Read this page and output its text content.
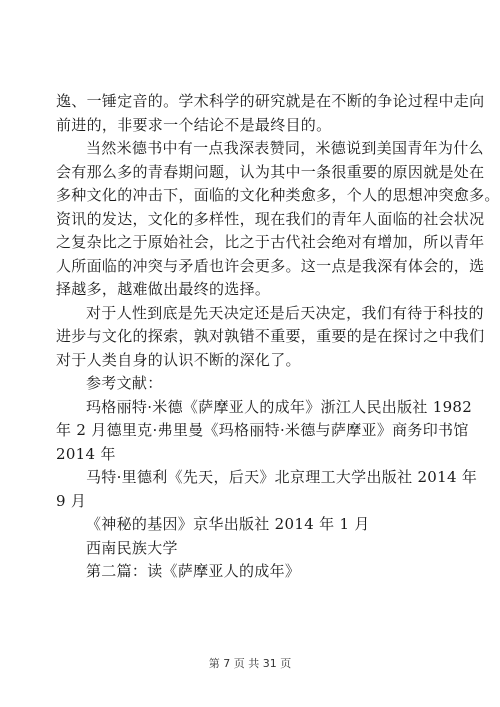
逸、一锤定音的。学术科学的研究就是在不断的争论过程中走向
前进的，非要求一个结论不是最终目的。
当然米德书中有一点我深表赞同，米德说到美国青年为什么
会有那么多的青春期问题，认为其中一条很重要的原因就是处在
多种文化的冲击下，面临的文化种类愈多，个人的思想冲突愈多。
资讯的发达，文化的多样性，现在我们的青年人面临的社会状况
之复杂比之于原始社会，比之于古代社会绝对有增加，所以青年
人所面临的冲突与矛盾也许会更多。这一点是我深有体会的，选
择越多，越难做出最终的选择。
对于人性到底是先天决定还是后天决定，我们有待于科技的
进步与文化的探索，孰对孰错不重要，重要的是在探讨之中我们
对于人类自身的认识不断的深化了。
参考文献：
玛格丽特·米德《萨摩亚人的成年》浙江人民出版社 1982
年 2 月德里克·弗里曼《玛格丽特·米德与萨摩亚》商务印书馆
2014 年
马特·里德利《先天，后天》北京理工大学出版社 2014 年
9 月
《神秘的基因》京华出版社 2014 年 1 月
西南民族大学
第二篇：读《萨摩亚人的成年》
第 7 页 共 31 页
